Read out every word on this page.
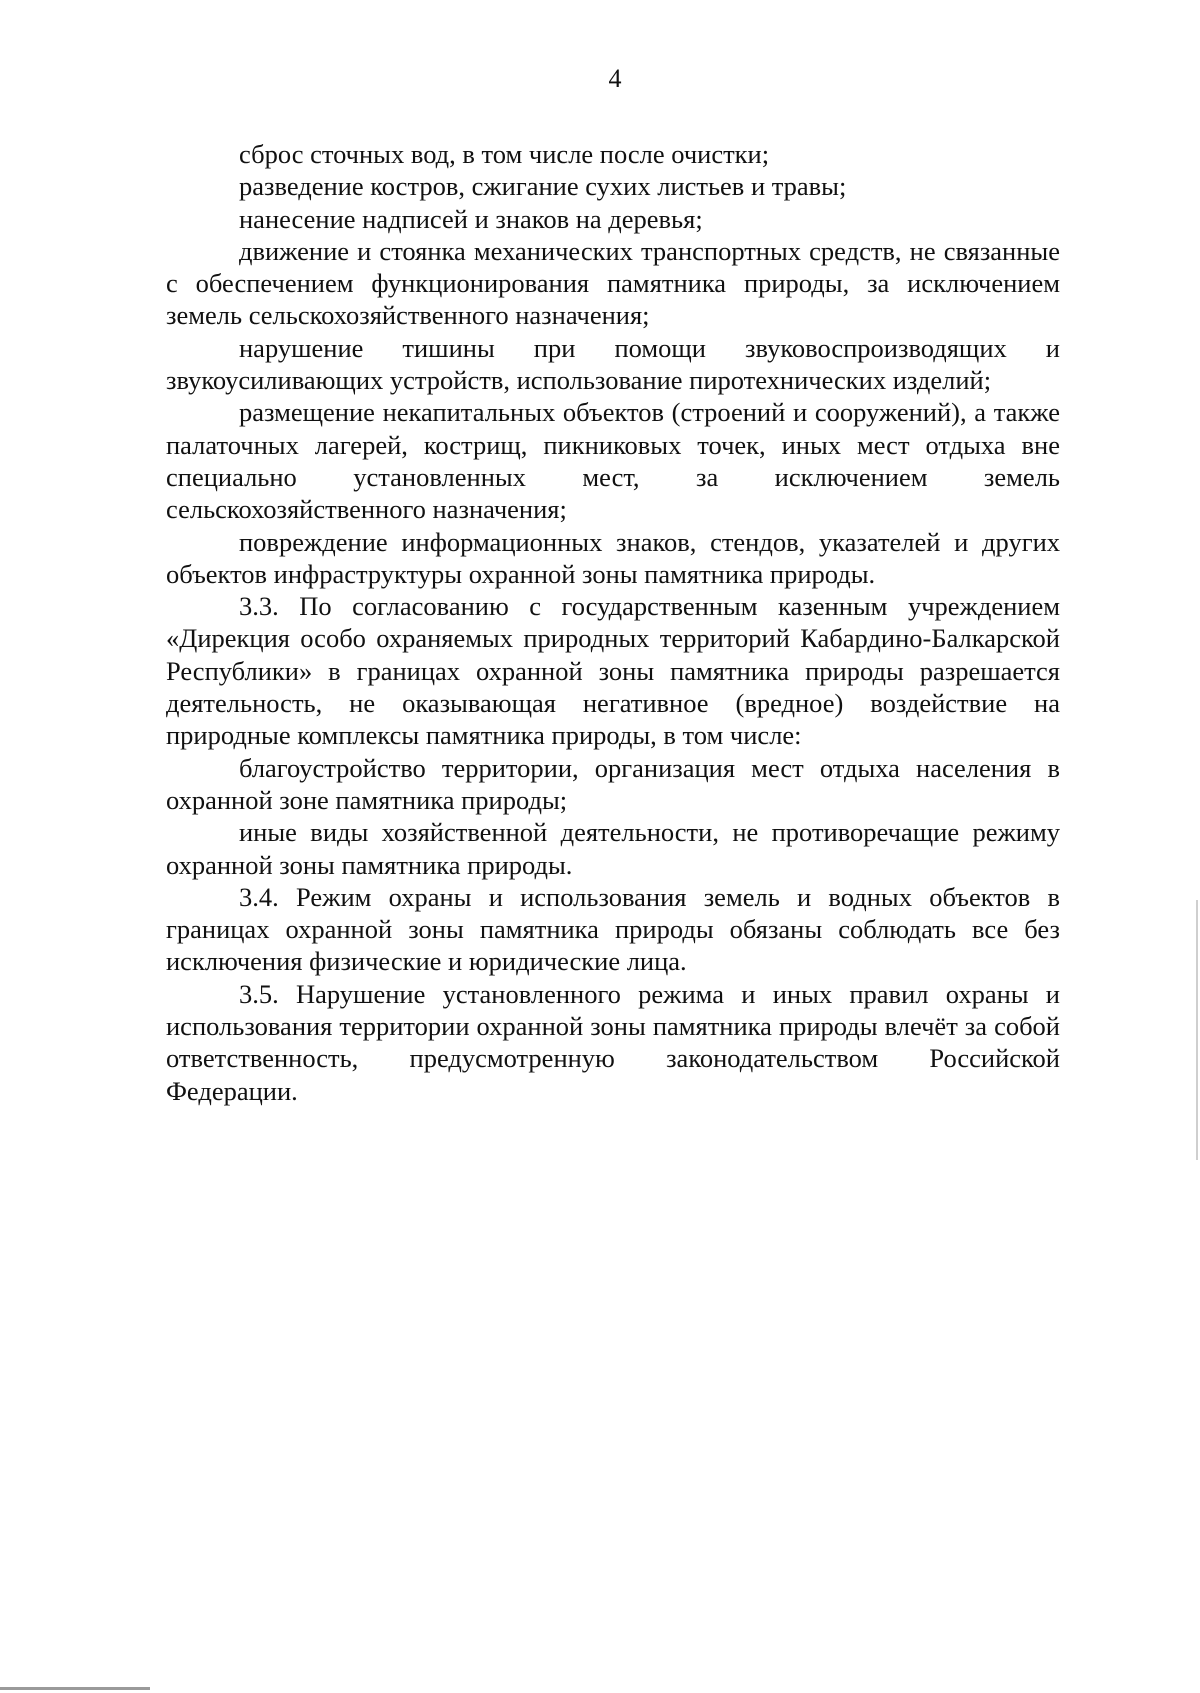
4

сброс сточных вод, в том числе после очистки;

разведение костров, сжигание сухих листьев и травы;

нанесение надписей и знаков на деревья;

движение и стоянка механических транспортных средств, не связанные с обеспечением функционирования памятника природы, за исключением земель сельскохозяйственного назначения;

нарушение тишины при помощи звуковоспроизводящих и звукоусиливающих устройств, использование пиротехнических изделий;

размещение некапитальных объектов (строений и сооружений), а также палаточных лагерей, кострищ, пикниковых точек, иных мест отдыха вне специально установленных мест, за исключением земель сельскохозяйственного назначения;

повреждение информационных знаков, стендов, указателей и других объектов инфраструктуры охранной зоны памятника природы.

3.3. По согласованию с государственным казенным учреждением «Дирекция особо охраняемых природных территорий Кабардино-Балкарской Республики» в границах охранной зоны памятника природы разрешается деятельность, не оказывающая негативное (вредное) воздействие на природные комплексы памятника природы, в том числе:

благоустройство территории, организация мест отдыха населения в охранной зоне памятника природы;

иные виды хозяйственной деятельности, не противоречащие режиму охранной зоны памятника природы.

3.4. Режим охраны и использования земель и водных объектов в границах охранной зоны памятника природы обязаны соблюдать все без исключения физические и юридические лица.

3.5. Нарушение установленного режима и иных правил охраны и использования территории охранной зоны памятника природы влечёт за собой ответственность, предусмотренную законодательством Российской Федерации.
